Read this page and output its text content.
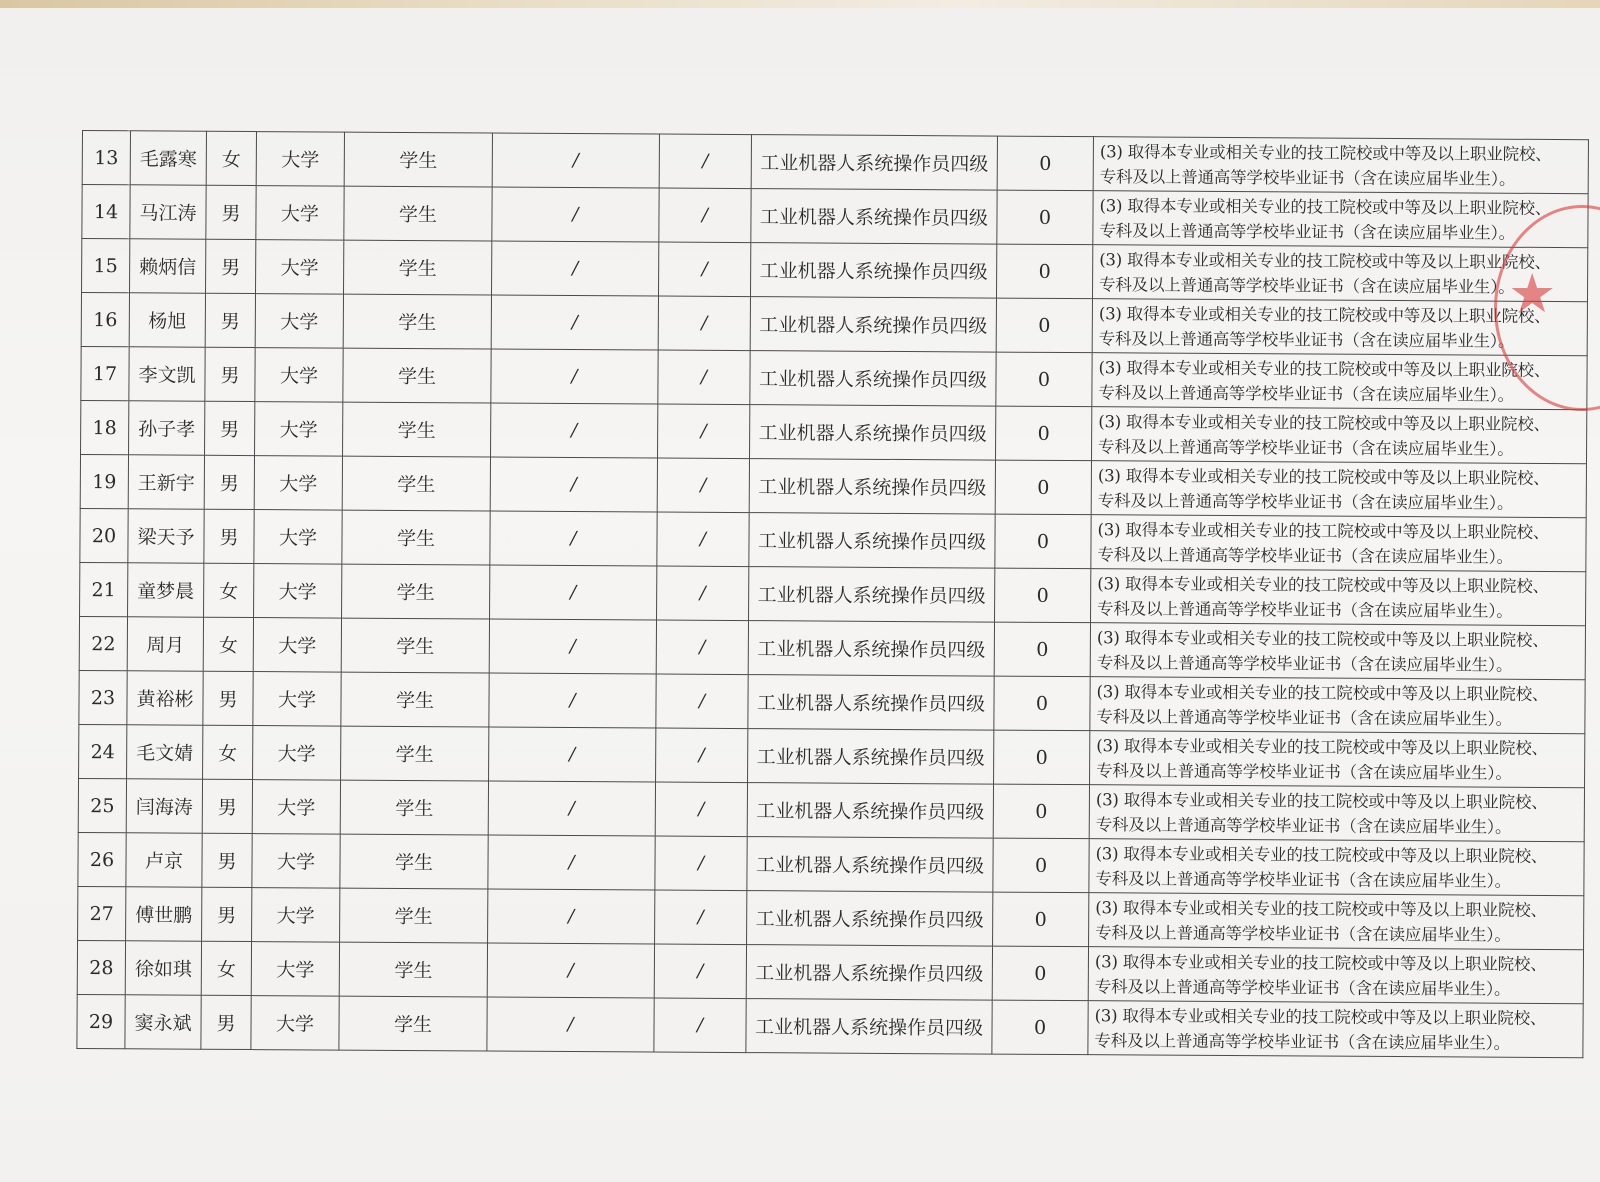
13	毛露寒	女	大学	学生	/	/	工业机器人系统操作员四级	0	(3) 取得本专业或相关专业的技工院校或中等及以上职业院校、
专科及以上普通高等学校毕业证书（含在读应届毕业生）。

14	马江涛	男	大学	学生	/	/	工业机器人系统操作员四级	0	(3) 取得本专业或相关专业的技工院校或中等及以上职业院校、
专科及以上普通高等学校毕业证书（含在读应届毕业生）。

15	赖炳信	男	大学	学生	/	/	工业机器人系统操作员四级	0	(3) 取得本专业或相关专业的技工院校或中等及以上职业院校、
专科及以上普通高等学校毕业证书（含在读应届毕业生）。

16	杨旭	男	大学	学生	/	/	工业机器人系统操作员四级	0	(3) 取得本专业或相关专业的技工院校或中等及以上职业院校、
专科及以上普通高等学校毕业证书（含在读应届毕业生）。

17	李文凯	男	大学	学生	/	/	工业机器人系统操作员四级	0	(3) 取得本专业或相关专业的技工院校或中等及以上职业院校、
专科及以上普通高等学校毕业证书（含在读应届毕业生）。

18	孙子孝	男	大学	学生	/	/	工业机器人系统操作员四级	0	(3) 取得本专业或相关专业的技工院校或中等及以上职业院校、
专科及以上普通高等学校毕业证书（含在读应届毕业生）。

19	王新宇	男	大学	学生	/	/	工业机器人系统操作员四级	0	(3) 取得本专业或相关专业的技工院校或中等及以上职业院校、
专科及以上普通高等学校毕业证书（含在读应届毕业生）。

20	梁天予	男	大学	学生	/	/	工业机器人系统操作员四级	0	(3) 取得本专业或相关专业的技工院校或中等及以上职业院校、
专科及以上普通高等学校毕业证书（含在读应届毕业生）。

21	童梦晨	女	大学	学生	/	/	工业机器人系统操作员四级	0	(3) 取得本专业或相关专业的技工院校或中等及以上职业院校、
专科及以上普通高等学校毕业证书（含在读应届毕业生）。

22	周月	女	大学	学生	/	/	工业机器人系统操作员四级	0	(3) 取得本专业或相关专业的技工院校或中等及以上职业院校、
专科及以上普通高等学校毕业证书（含在读应届毕业生）。

23	黄裕彬	男	大学	学生	/	/	工业机器人系统操作员四级	0	(3) 取得本专业或相关专业的技工院校或中等及以上职业院校、
专科及以上普通高等学校毕业证书（含在读应届毕业生）。

24	毛文婧	女	大学	学生	/	/	工业机器人系统操作员四级	0	(3) 取得本专业或相关专业的技工院校或中等及以上职业院校、
专科及以上普通高等学校毕业证书（含在读应届毕业生）。

25	闫海涛	男	大学	学生	/	/	工业机器人系统操作员四级	0	(3) 取得本专业或相关专业的技工院校或中等及以上职业院校、
专科及以上普通高等学校毕业证书（含在读应届毕业生）。

26	卢京	男	大学	学生	/	/	工业机器人系统操作员四级	0	(3) 取得本专业或相关专业的技工院校或中等及以上职业院校、
专科及以上普通高等学校毕业证书（含在读应届毕业生）。

27	傅世鹏	男	大学	学生	/	/	工业机器人系统操作员四级	0	(3) 取得本专业或相关专业的技工院校或中等及以上职业院校、
专科及以上普通高等学校毕业证书（含在读应届毕业生）。

28	徐如琪	女	大学	学生	/	/	工业机器人系统操作员四级	0	(3) 取得本专业或相关专业的技工院校或中等及以上职业院校、
专科及以上普通高等学校毕业证书（含在读应届毕业生）。

29	窦永斌	男	大学	学生	/	/	工业机器人系统操作员四级	0	(3) 取得本专业或相关专业的技工院校或中等及以上职业院校、
专科及以上普通高等学校毕业证书（含在读应届毕业生）。
★
